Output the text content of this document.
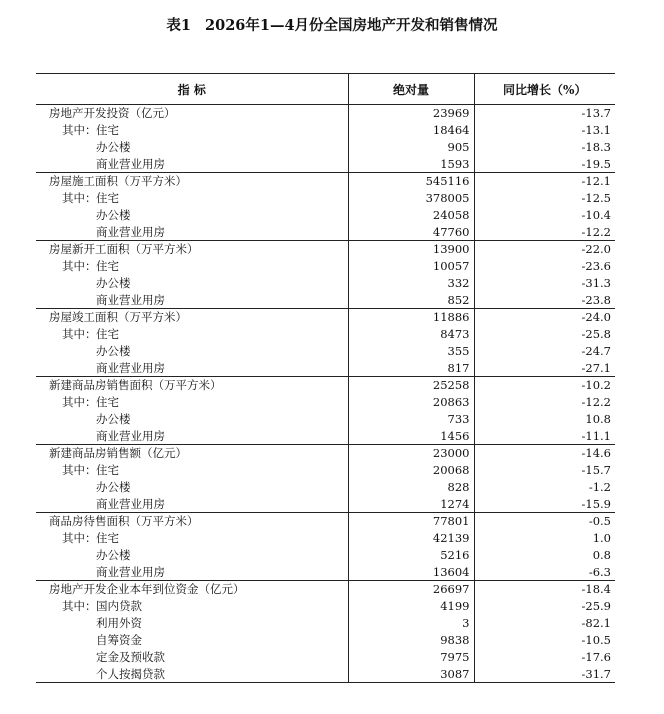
表1 2026年1—4月份全国房地产开发和销售情况
指 标	绝对量	同比增长（%）
房地产开发投资（亿元）	23969	-13.7
其中：住宅	18464	-13.1
办公楼	905	-18.3
商业营业用房	1593	-19.5
房屋施工面积（万平方米）	545116	-12.1
其中：住宅	378005	-12.5
办公楼	24058	-10.4
商业营业用房	47760	-12.2
房屋新开工面积（万平方米）	13900	-22.0
其中：住宅	10057	-23.6
办公楼	332	-31.3
商业营业用房	852	-23.8
房屋竣工面积（万平方米）	11886	-24.0
其中：住宅	8473	-25.8
办公楼	355	-24.7
商业营业用房	817	-27.1
新建商品房销售面积（万平方米）	25258	-10.2
其中：住宅	20863	-12.2
办公楼	733	10.8
商业营业用房	1456	-11.1
新建商品房销售额（亿元）	23000	-14.6
其中：住宅	20068	-15.7
办公楼	828	-1.2
商业营业用房	1274	-15.9
商品房待售面积（万平方米）	77801	-0.5
其中：住宅	42139	1.0
办公楼	5216	0.8
商业营业用房	13604	-6.3
房地产开发企业本年到位资金（亿元）	26697	-18.4
其中：国内贷款	4199	-25.9
利用外资	3	-82.1
自筹资金	9838	-10.5
定金及预收款	7975	-17.6
个人按揭贷款	3087	-31.7
